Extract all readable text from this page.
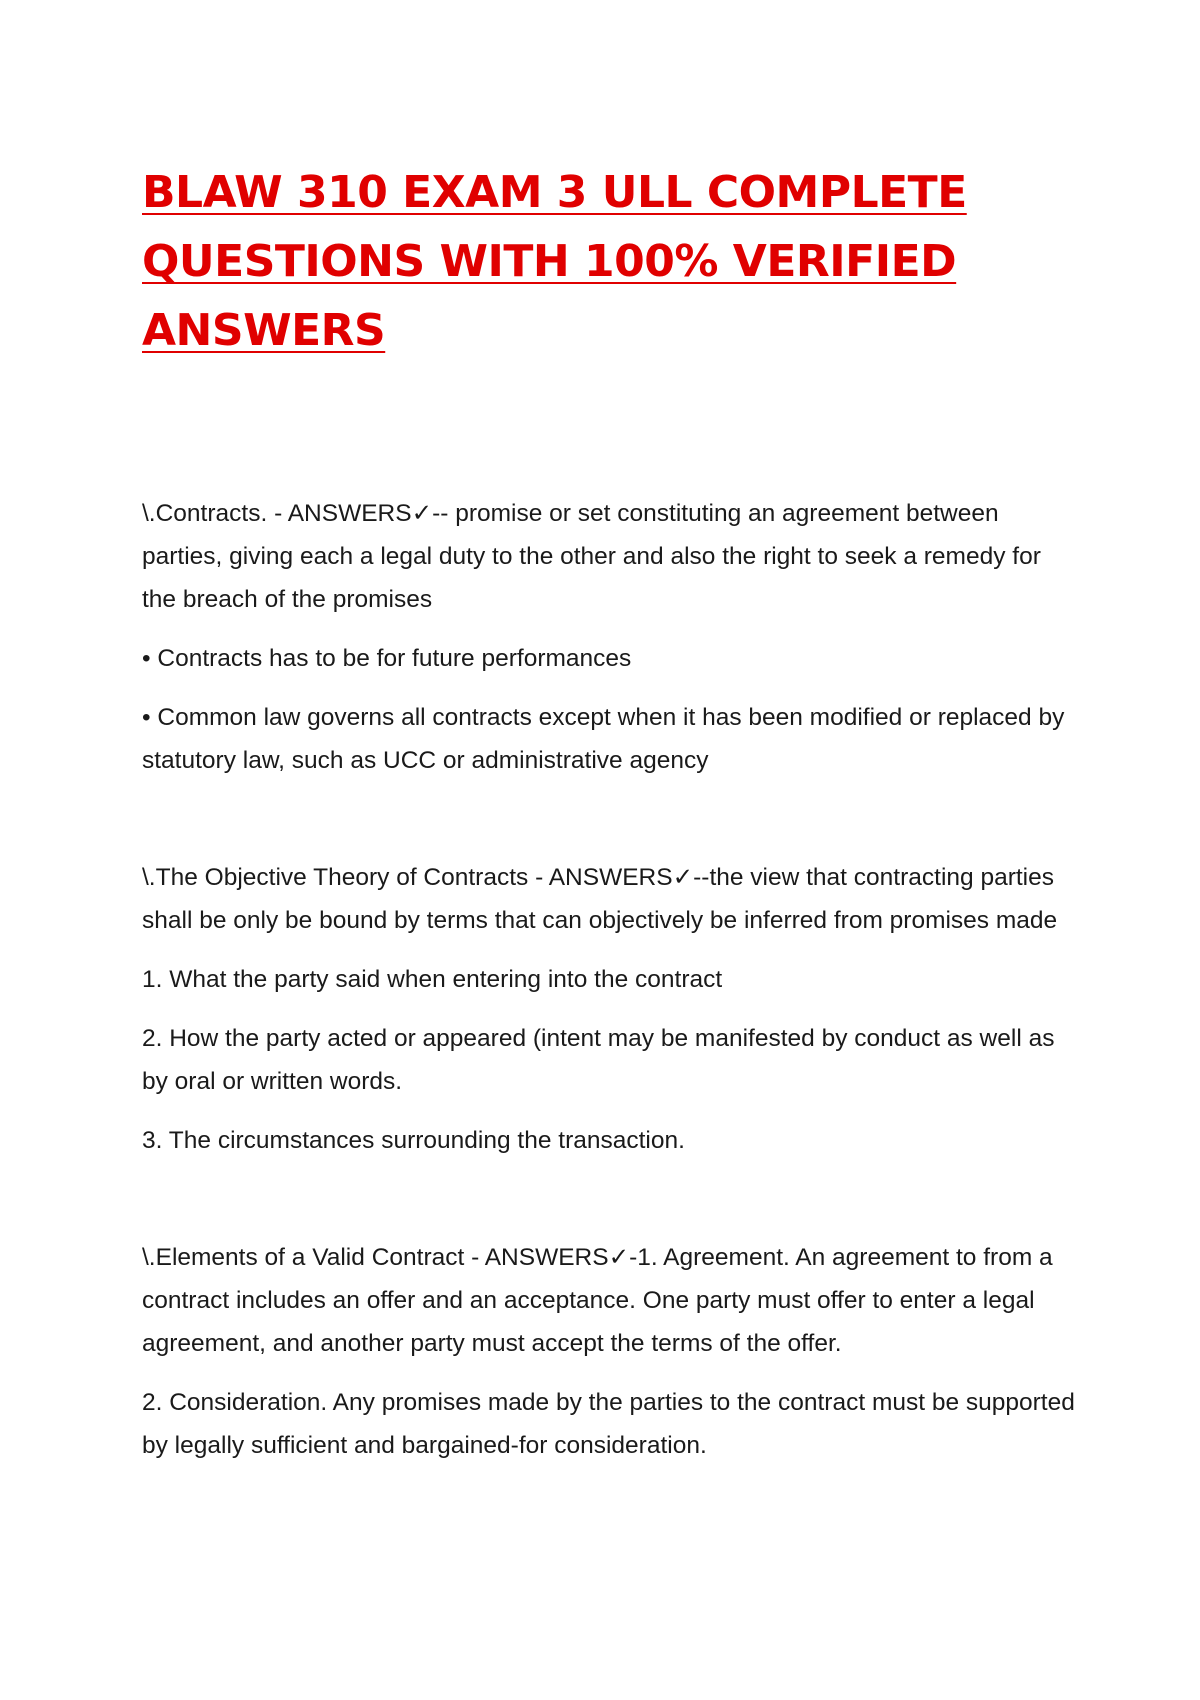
BLAW 310 EXAM 3 ULL COMPLETE
QUESTIONS WITH 100% VERIFIED
ANSWERS

\.Contracts. - ANSWERS✓-- promise or set constituting an agreement between parties, giving each a legal duty to the other and also the right to seek a remedy for the breach of the promises

• Contracts has to be for future performances

• Common law governs all contracts except when it has been modified or replaced by statutory law, such as UCC or administrative agency

\.The Objective Theory of Contracts - ANSWERS✓--the view that contracting parties shall be only be bound by terms that can objectively be inferred from promises made

1. What the party said when entering into the contract

2. How the party acted or appeared (intent may be manifested by conduct as well as by oral or written words.

3. The circumstances surrounding the transaction.

\.Elements of a Valid Contract - ANSWERS✓-1. Agreement. An agreement to from a contract includes an offer and an acceptance. One party must offer to enter a legal agreement, and another party must accept the terms of the offer.

2. Consideration. Any promises made by the parties to the contract must be supported by legally sufficient and bargained-for consideration.
